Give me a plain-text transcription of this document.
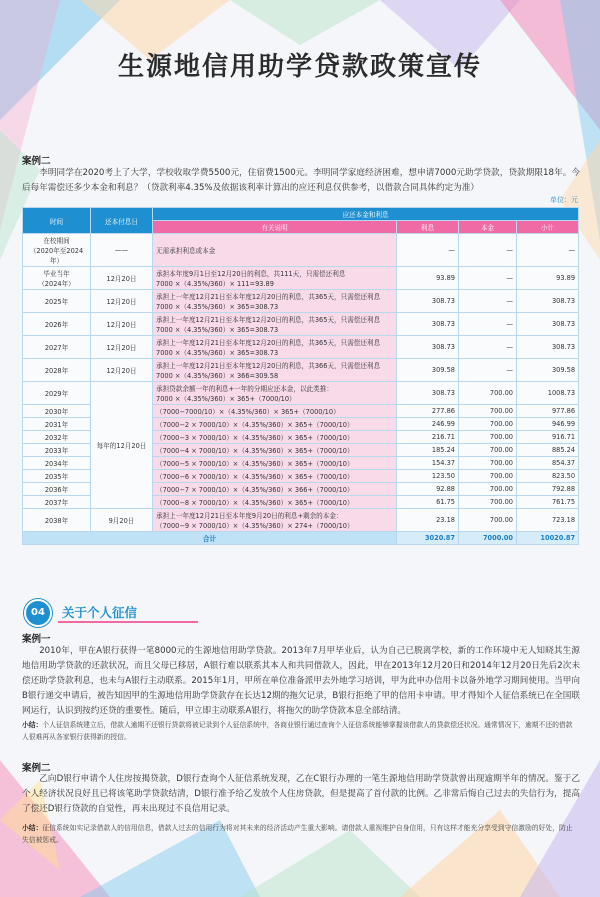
生源地信用助学贷款政策宣传
案例二
李明同学在2020考上了大学，学校收取学费5500元，住宿费1500元。李明同学家庭经济困难，想申请7000元助学贷款，贷款期限18年。今后每年需偿还多少本金和利息？（贷款利率4.35%及依据该利率计算出的应还利息仅供参考，以借款合同具体约定为准）
单位：元
时间	还本付息日	应还本金和利息			
		有关说明	利息	本金	小计
在校期间
（2020年至2024年）	——	无需承担利息或本金	—	—	—
毕业当年
（2024年）	12月20日	承担本年度9月1日至12月20日的利息，共111天，只需偿还利息
7000 ×（4.35%/360）× 111=93.89	93.89	—	93.89
2025年	12月20日	承担上一年度12月21日至本年度12月20日的利息，共365天，只需偿还利息
7000 ×（4.35%/360）× 365=308.73	308.73	—	308.73
2026年	12月20日	承担上一年度12月21日至本年度12月20日的利息，共365天，只需偿还利息
7000 ×（4.35%/360）× 365=308.73	308.73	—	308.73
2027年	12月20日	承担上一年度12月21日至本年度12月20日的利息，共365天，只需偿还利息
7000 ×（4.35%/360）× 365=308.73	308.73	—	308.73
2028年	12月20日	承担上一年度12月21日至本年度12月20日的利息，共366天，只需偿还利息
7000 ×（4.35%/360）× 366=309.58	309.58	—	309.58
2029年	每年的12月20日	承担贷款余额一年的利息+一年的分期应还本金，以此类推：
7000 ×（4.35%/360）× 365+（7000/10）	308.73	700.00	1008.73
2030年		（7000−7000/10）×（4.35%/360）× 365+（7000/10）	277.86	700.00	977.86
2031年		（7000−2 × 7000/10）×（4.35%/360）× 365+（7000/10）	246.99	700.00	946.99
2032年		（7000−3 × 7000/10）×（4.35%/360）× 365+（7000/10）	216.71	700.00	916.71
2033年		（7000−4 × 7000/10）×（4.35%/360）× 365+（7000/10）	185.24	700.00	885.24
2034年		（7000−5 × 7000/10）×（4.35%/360）× 365+（7000/10）	154.37	700.00	854.37
2035年		（7000−6 × 7000/10）×（4.35%/360）× 365+（7000/10）	123.50	700.00	823.50
2036年		（7000−7 × 7000/10）×（4.35%/360）× 366+（7000/10）	92.88	700.00	792.88
2037年		（7000−8 × 7000/10）×（4.35%/360）× 365+（7000/10）	61.75	700.00	761.75
2038年	9月20日	承担上一年度12月21日至本年度9月20日的利息+剩余的本金：
（7000−9 × 7000/10）×（4.35%/360）× 274+（7000/10）	23.18	700.00	723.18
合计			3020.87	7000.00	10020.87
04	关于个人征信
案例一
2010年，甲在A银行获得一笔8000元的生源地信用助学贷款。2013年7月甲毕业后，认为自己已脱离学校，新的工作环境中无人知晓其生源地信用助学贷款的还款状况，而且父母已移居，A银行难以联系其本人和共同借款人，因此，甲在2013年12月20日和2014年12月20日先后2次未偿还助学贷款利息，也未与A银行主动联系。2015年1月，甲所在单位准备派甲去外地学习培训，甲为此申办信用卡以备外地学习期间使用。当甲向B银行递交申请后，被告知因甲的生源地信用助学贷款存在长达12期的拖欠记录，B银行拒绝了甲的信用卡申请。甲才得知个人征信系统已在全国联网运行，认识到按约还贷的重要性。随后，甲立即主动联系A银行，将拖欠的助学贷款本息全部结清。
小结：个人征信系统建立后，借款人逾期不还银行贷款将被记录到个人征信系统中，各商业银行通过查询个人征信系统能够掌握该借款人的贷款偿还状况。通常情况下，逾期不还的借款人很难再从各家银行获得新的授信。
案例二
乙向D银行申请个人住房按揭贷款，D银行查询个人征信系统发现，乙在C银行办理的一笔生源地信用助学贷款曾出现逾期半年的情况。鉴于乙个人经济状况良好且已将该笔助学贷款结清，D银行准予给乙发放个人住房贷款，但是提高了首付款的比例。乙非常后悔自己过去的失信行为，提高了偿还D银行贷款的自觉性，再未出现过不良信用记录。
小结：征信系统如实记录借款人的信用信息，借款人过去的信用行为将对其未来的经济活动产生重大影响。请借款人重视维护自身信用，只有这样才能充分享受到守信激励的好处，防止失信被惩戒。
